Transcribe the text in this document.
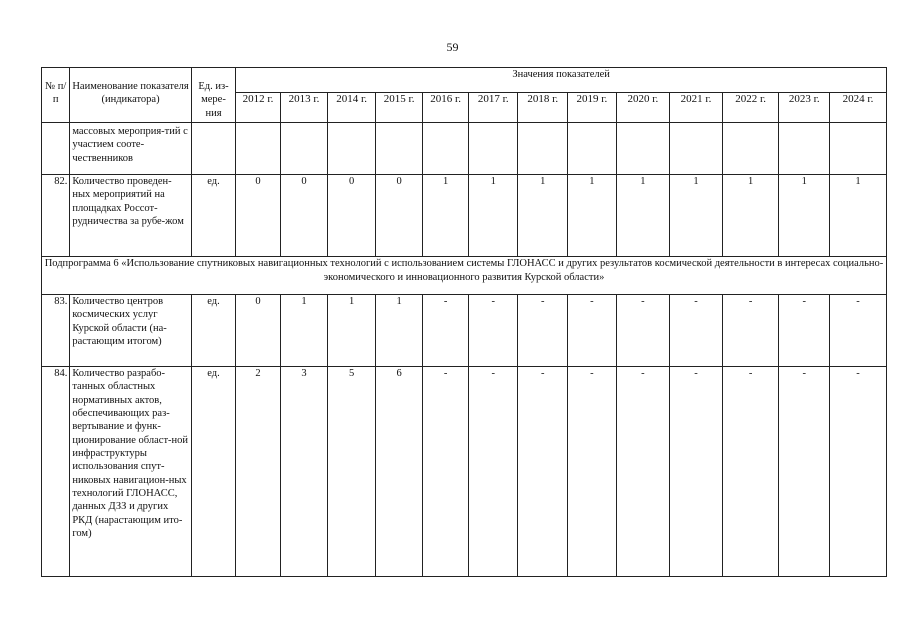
59
№ п/п	Наименование показателя (индикатора)	Ед. из-мере-ния	Значения показателей												
			2012 г.	2013 г.	2014 г.	2015 г.	2016 г.	2017 г.	2018 г.	2019 г.	2020 г.	2021 г.	2022 г.	2023 г.	2024 г.
	массовых мероприя-тий с участием сооте-чественников														
82.	Количество проведен-ных мероприятий на площадках Россот-рудничества за рубе-жом	ед.	0	0	0	0	1	1	1	1	1	1	1	1	1
Подпрограмма 6 «Использование спутниковых навигационных технологий с использованием системы ГЛОНАСС и других результатов космической деятельности в интересах социально-экономического и инновационного развития Курской области»															
83.	Количество центров космических услуг Курской области (на-растающим итогом)	ед.	0	1	1	1	-	-	-	-	-	-	-	-	-
84.	Количество разрабо-танных областных нормативных актов, обеспечивающих раз-вертывание и функ-ционирование област-ной инфраструктуры использования спут-никовых навигацион-ных технологий ГЛОНАСС, данных ДЗЗ и других РКД (нарастающим ито-гом)	ед.	2	3	5	6	-	-	-	-	-	-	-	-	-
